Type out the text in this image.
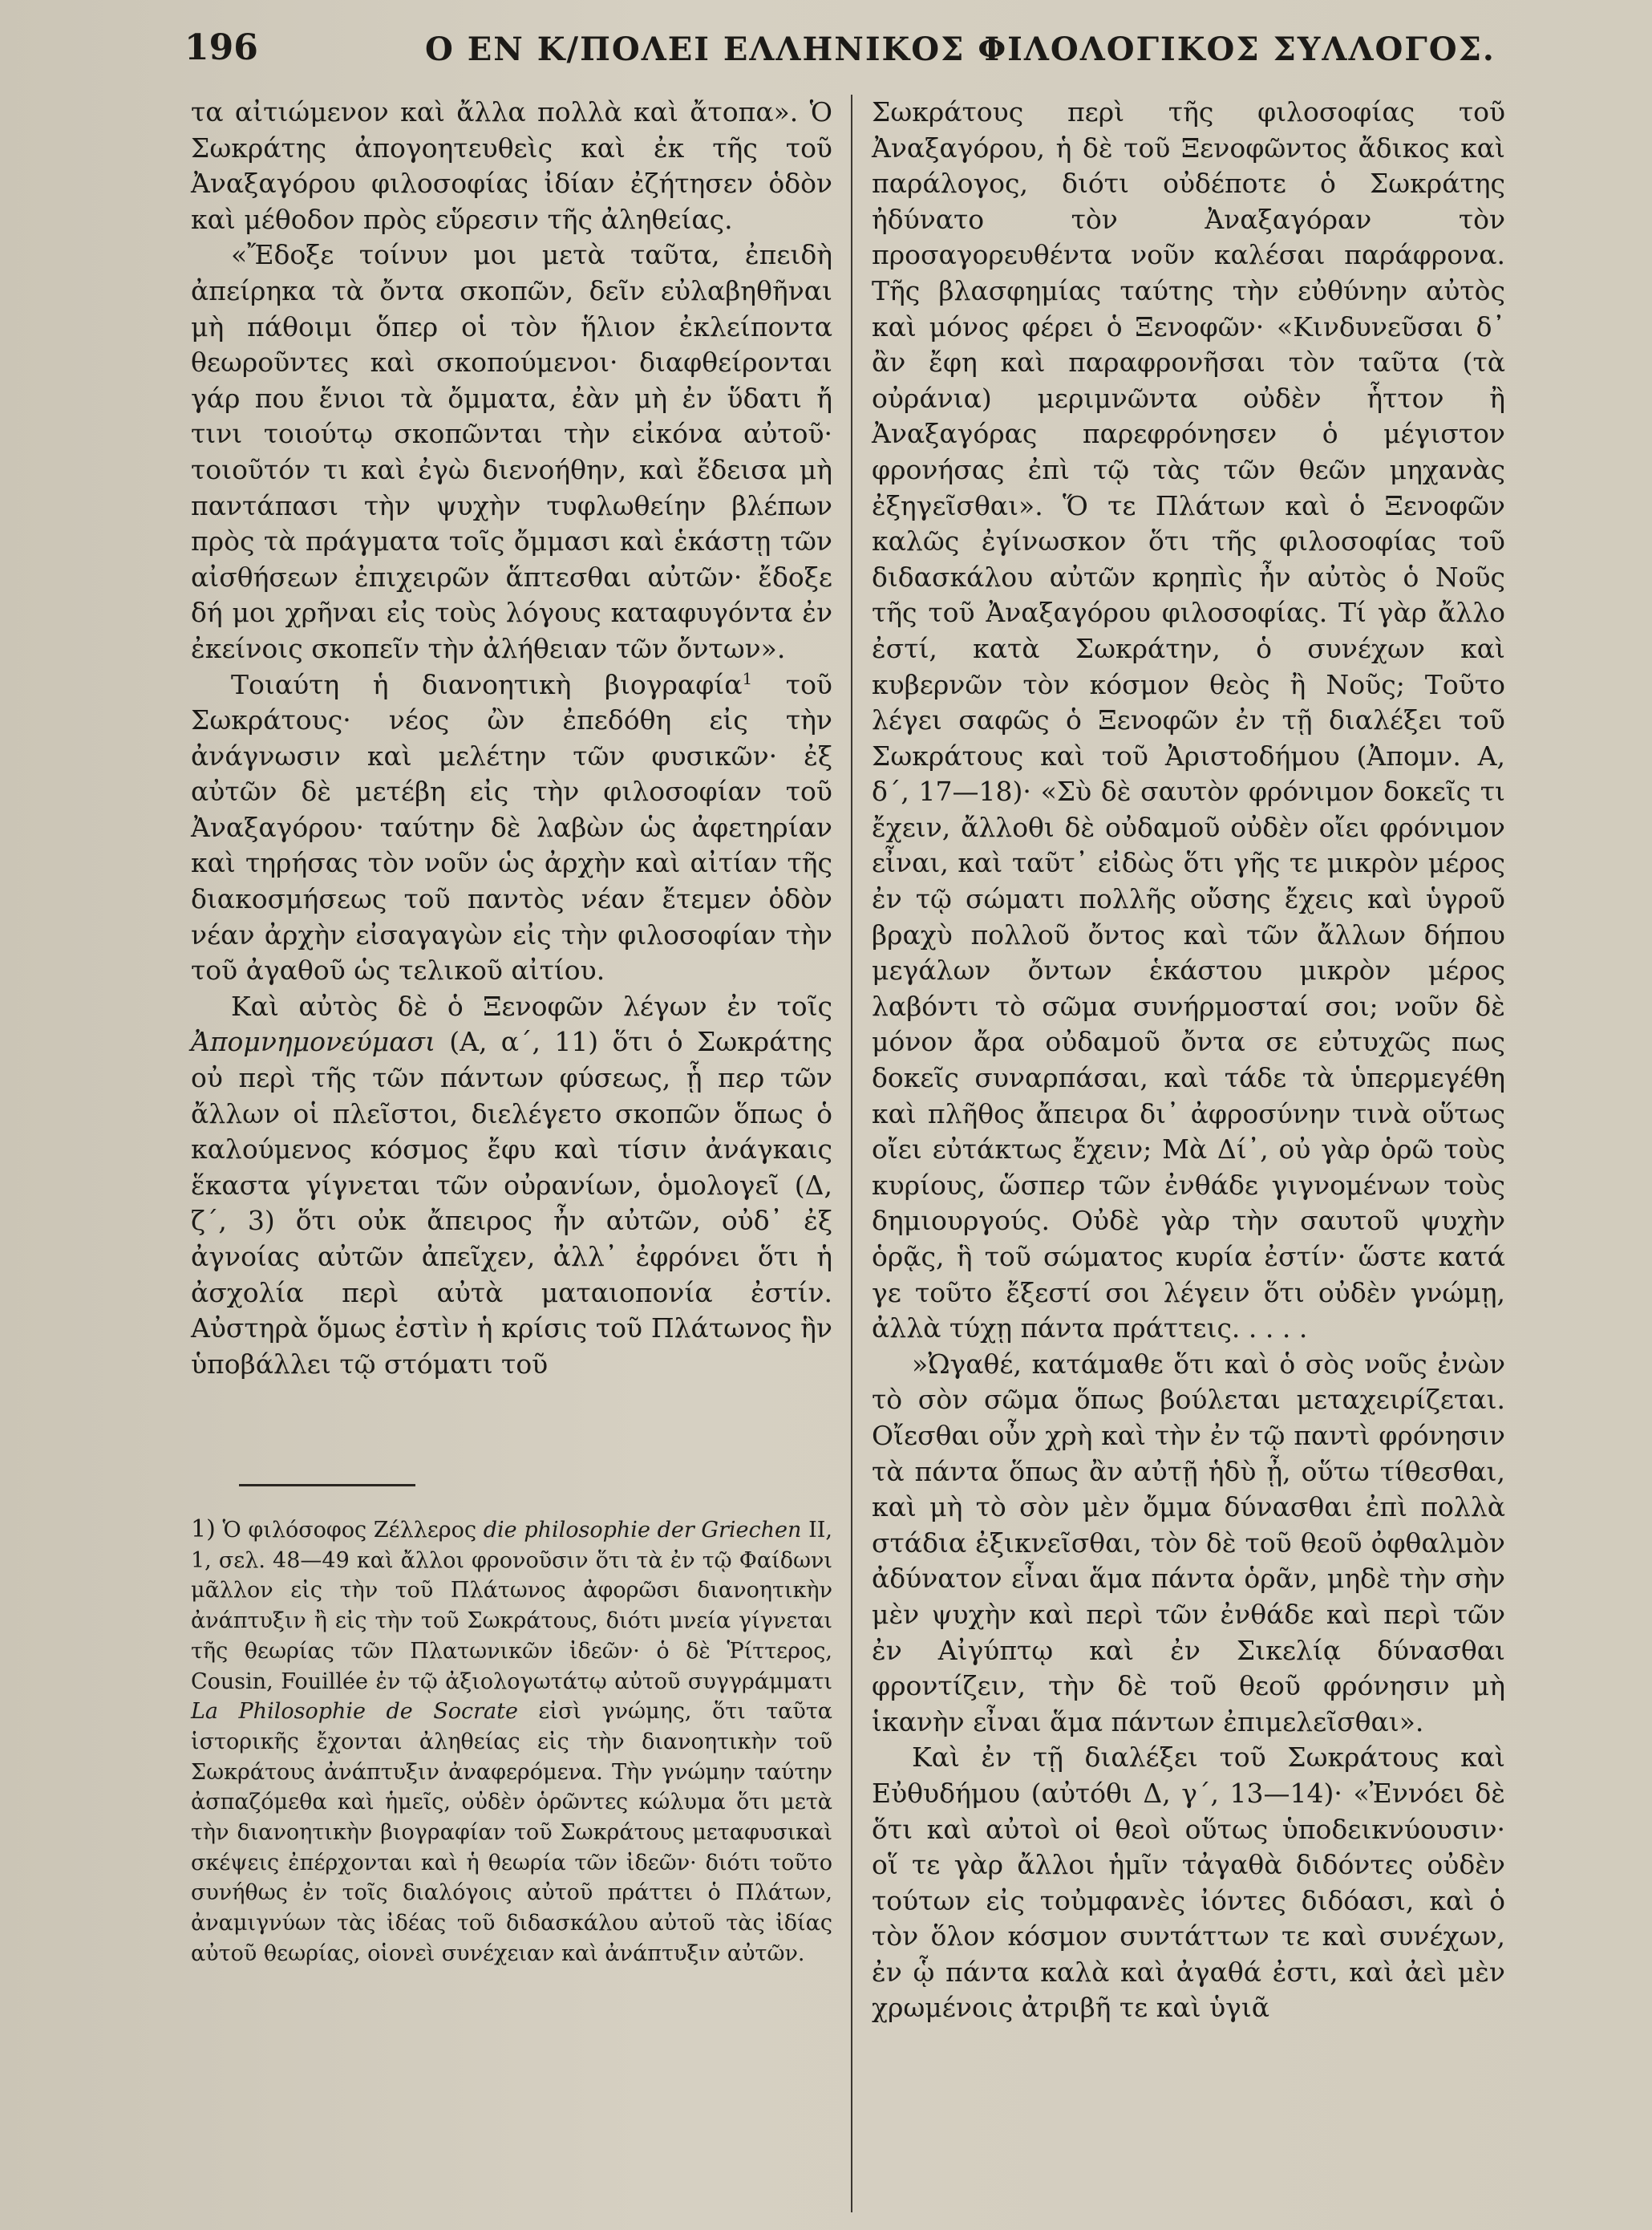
196	Ο ΕΝ Κ/ΠΟΛΕΙ ΕΛΛΗΝΙΚΟΣ ΦΙΛΟΛΟΓΙΚΟΣ ΣΥΛΛΟΓΟΣ.

τα αἰτιώμενον καὶ ἄλλα πολλὰ καὶ ἄτοπα». Ὁ Σωκράτης ἀπογοητευθεὶς καὶ ἐκ τῆς τοῦ Ἀναξαγόρου φιλοσοφίας ἰδίαν ἐζήτησεν ὁδὸν καὶ μέθοδον πρὸς εὕρεσιν τῆς ἀληθείας.

«Ἔδοξε τοίνυν μοι μετὰ ταῦτα, ἐπειδὴ ἀπείρηκα τὰ ὄντα σκοπῶν, δεῖν εὐλαβηθῆναι μὴ πάθοιμι ὅπερ οἱ τὸν ἥλιον ἐκλείποντα θεωροῦντες καὶ σκοπούμενοι· διαφθείρονται γάρ που ἔνιοι τὰ ὄμματα, ἐὰν μὴ ἐν ὕδατι ἤ τινι τοιούτῳ σκοπῶνται τὴν εἰκόνα αὐτοῦ· τοιοῦτόν τι καὶ ἐγὼ διενοήθην, καὶ ἔδεισα μὴ παντάπασι τὴν ψυχὴν τυφλωθείην βλέπων πρὸς τὰ πράγματα τοῖς ὄμμασι καὶ ἑκάστῃ τῶν αἰσθήσεων ἐπιχειρῶν ἅπτεσθαι αὐτῶν· ἔδοξε δή μοι χρῆναι εἰς τοὺς λόγους καταφυγόντα ἐν ἐκείνοις σκοπεῖν τὴν ἀλήθειαν τῶν ὄντων».

Τοιαύτη ἡ διανοητικὴ βιογραφία$^1$ τοῦ Σωκράτους· νέος ὢν ἐπεδόθη εἰς τὴν ἀνάγνωσιν καὶ μελέτην τῶν φυσικῶν· ἐξ αὐτῶν δὲ μετέβη εἰς τὴν φιλοσοφίαν τοῦ Ἀναξαγόρου· ταύτην δὲ λαβὼν ὡς ἀφετηρίαν καὶ τηρήσας τὸν νοῦν ὡς ἀρχὴν καὶ αἰτίαν τῆς διακοσμήσεως τοῦ παντὸς νέαν ἔτεμεν ὁδὸν νέαν ἀρχὴν εἰσαγαγὼν εἰς τὴν φιλοσοφίαν τὴν τοῦ ἀγαθοῦ ὡς τελικοῦ αἰτίου.

Καὶ αὐτὸς δὲ ὁ Ξενοφῶν λέγων ἐν τοῖς Ἀπομνημονεύμασι (Α, α΄, 11) ὅτι ὁ Σωκράτης οὐ περὶ τῆς τῶν πάντων φύσεως, ᾗ περ τῶν ἄλλων οἱ πλεῖστοι, διελέγετο σκοπῶν ὅπως ὁ καλούμενος κόσμος ἔφυ καὶ τίσιν ἀνάγκαις ἕκαστα γίγνεται τῶν οὐρανίων, ὁμολογεῖ (Δ, ζ΄, 3) ὅτι οὐκ ἄπειρος ἦν αὐτῶν, οὐδ᾿ ἐξ ἀγνοίας αὐτῶν ἀπεῖχεν, ἀλλ᾿ ἐφρόνει ὅτι ἡ ἀσχολία περὶ αὐτὰ ματαιοπονία ἐστίν. Αὐστηρὰ ὅμως ἐστὶν ἡ κρίσις τοῦ Πλάτωνος ἣν ὑποβάλλει τῷ στόματι τοῦ

Σωκράτους περὶ τῆς φιλοσοφίας τοῦ Ἀναξαγόρου, ἡ δὲ τοῦ Ξενοφῶντος ἄδικος καὶ παράλογος, διότι οὐδέποτε ὁ Σωκράτης ἠδύνατο τὸν Ἀναξαγόραν τὸν προσαγορευθέντα νοῦν καλέσαι παράφρονα. Τῆς βλασφημίας ταύτης τὴν εὐθύνην αὐτὸς καὶ μόνος φέρει ὁ Ξενοφῶν· «Κινδυνεῦσαι δ᾿ ἂν ἔφη καὶ παραφρονῆσαι τὸν ταῦτα (τὰ οὐράνια) μεριμνῶντα οὐδὲν ἧττον ἢ Ἀναξαγόρας παρεφρόνησεν ὁ μέγιστον φρονήσας ἐπὶ τῷ τὰς τῶν θεῶν μηχανὰς ἐξηγεῖσθαι». Ὅ τε Πλάτων καὶ ὁ Ξενοφῶν καλῶς ἐγίνωσκον ὅτι τῆς φιλοσοφίας τοῦ διδασκάλου αὐτῶν κρηπὶς ἦν αὐτὸς ὁ Νοῦς τῆς τοῦ Ἀναξαγόρου φιλοσοφίας. Τί γὰρ ἄλλο ἐστί, κατὰ Σωκράτην, ὁ συνέχων καὶ κυβερνῶν τὸν κόσμον θεὸς ἢ Νοῦς; Τοῦτο λέγει σαφῶς ὁ Ξενοφῶν ἐν τῇ διαλέξει τοῦ Σωκράτους καὶ τοῦ Ἀριστοδήμου (Ἀπομν. Α, δ΄, 17—18)· «Σὺ δὲ σαυτὸν φρόνιμον δοκεῖς τι ἔχειν, ἄλλοθι δὲ οὐδαμοῦ οὐδὲν οἴει φρόνιμον εἶναι, καὶ ταῦτ᾿ εἰδὼς ὅτι γῆς τε μικρὸν μέρος ἐν τῷ σώματι πολλῆς οὔσης ἔχεις καὶ ὑγροῦ βραχὺ πολλοῦ ὄντος καὶ τῶν ἄλλων δήπου μεγάλων ὄντων ἑκάστου μικρὸν μέρος λαβόντι τὸ σῶμα συνήρμοσταί σοι; νοῦν δὲ μόνον ἄρα οὐδαμοῦ ὄντα σε εὐτυχῶς πως δοκεῖς συναρπάσαι, καὶ τάδε τὰ ὑπερμεγέθη καὶ πλῆθος ἄπειρα δι᾿ ἀφροσύνην τινὰ οὕτως οἴει εὐτάκτως ἔχειν; Μὰ Δί᾿, οὐ γὰρ ὁρῶ τοὺς κυρίους, ὥσπερ τῶν ἐνθάδε γιγνομένων τοὺς δημιουργούς. Οὐδὲ γὰρ τὴν σαυτοῦ ψυχὴν ὁρᾷς, ἣ τοῦ σώματος κυρία ἐστίν· ὥστε κατά γε τοῦτο ἔξεστί σοι λέγειν ὅτι οὐδὲν γνώμῃ, ἀλλὰ τύχῃ πάντα πράττεις. . . . .

»Ὠγαθέ, κατάμαθε ὅτι καὶ ὁ σὸς νοῦς ἐνὼν τὸ σὸν σῶμα ὅπως βούλεται μεταχειρίζεται. Οἴεσθαι οὖν χρὴ καὶ τὴν ἐν τῷ παντὶ φρόνησιν τὰ πάντα ὅπως ἂν αὐτῇ ἡδὺ ᾖ, οὕτω τίθεσθαι, καὶ μὴ τὸ σὸν μὲν ὄμμα δύνασθαι ἐπὶ πολλὰ στάδια ἐξικνεῖσθαι, τὸν δὲ τοῦ θεοῦ ὀφθαλμὸν ἀδύνατον εἶναι ἅμα πάντα ὁρᾶν, μηδὲ τὴν σὴν μὲν ψυχὴν καὶ περὶ τῶν ἐνθάδε καὶ περὶ τῶν ἐν Αἰγύπτῳ καὶ ἐν Σικελίᾳ δύνασθαι φροντίζειν, τὴν δὲ τοῦ θεοῦ φρόνησιν μὴ ἱκανὴν εἶναι ἅμα πάντων ἐπιμελεῖσθαι».

Καὶ ἐν τῇ διαλέξει τοῦ Σωκράτους καὶ Εὐθυδήμου (αὐτόθι Δ, γ΄, 13—14)· «Ἐννόει δὲ ὅτι καὶ αὐτοὶ οἱ θεοὶ οὕτως ὑποδεικνύουσιν· οἵ τε γὰρ ἄλλοι ἡμῖν τἀγαθὰ διδόντες οὐδὲν τούτων εἰς τοὐμφανὲς ἰόντες διδόασι, καὶ ὁ τὸν ὅλον κόσμον συντάττων τε καὶ συνέχων, ἐν ᾧ πάντα καλὰ καὶ ἀγαθά ἐστι, καὶ ἀεὶ μὲν χρωμένοις ἀτριβῆ τε καὶ ὑγιᾶ

1) Ὁ φιλόσοφος Ζέλλερος die philosophie der Griechen II, 1, σελ. 48—49 καὶ ἄλλοι φρονοῦσιν ὅτι τὰ ἐν τῷ Φαίδωνι μᾶλλον εἰς τὴν τοῦ Πλάτωνος ἀφορῶσι διανοητικὴν ἀνάπτυξιν ἢ εἰς τὴν τοῦ Σωκράτους, διότι μνεία γίγνεται τῆς θεωρίας τῶν Πλατωνικῶν ἰδεῶν· ὁ δὲ Ῥίττερος, Cousin, Fouillée ἐν τῷ ἀξιολογωτάτῳ αὐτοῦ συγγράμματι La Philosophie de Socrate εἰσὶ γνώμης, ὅτι ταῦτα ἱστορικῆς ἔχονται ἀληθείας εἰς τὴν διανοητικὴν τοῦ Σωκράτους ἀνάπτυξιν ἀναφερόμενα. Τὴν γνώμην ταύτην ἀσπαζόμεθα καὶ ἡμεῖς, οὐδὲν ὁρῶντες κώλυμα ὅτι μετὰ τὴν διανοητικὴν βιογραφίαν τοῦ Σωκράτους μεταφυσικαὶ σκέψεις ἐπέρχονται καὶ ἡ θεωρία τῶν ἰδεῶν· διότι τοῦτο συνήθως ἐν τοῖς διαλόγοις αὐτοῦ πράττει ὁ Πλάτων, ἀναμιγνύων τὰς ἰδέας τοῦ διδασκάλου αὐτοῦ τὰς ἰδίας αὐτοῦ θεωρίας, οἱονεὶ συνέχειαν καὶ ἀνάπτυξιν αὐτῶν.
